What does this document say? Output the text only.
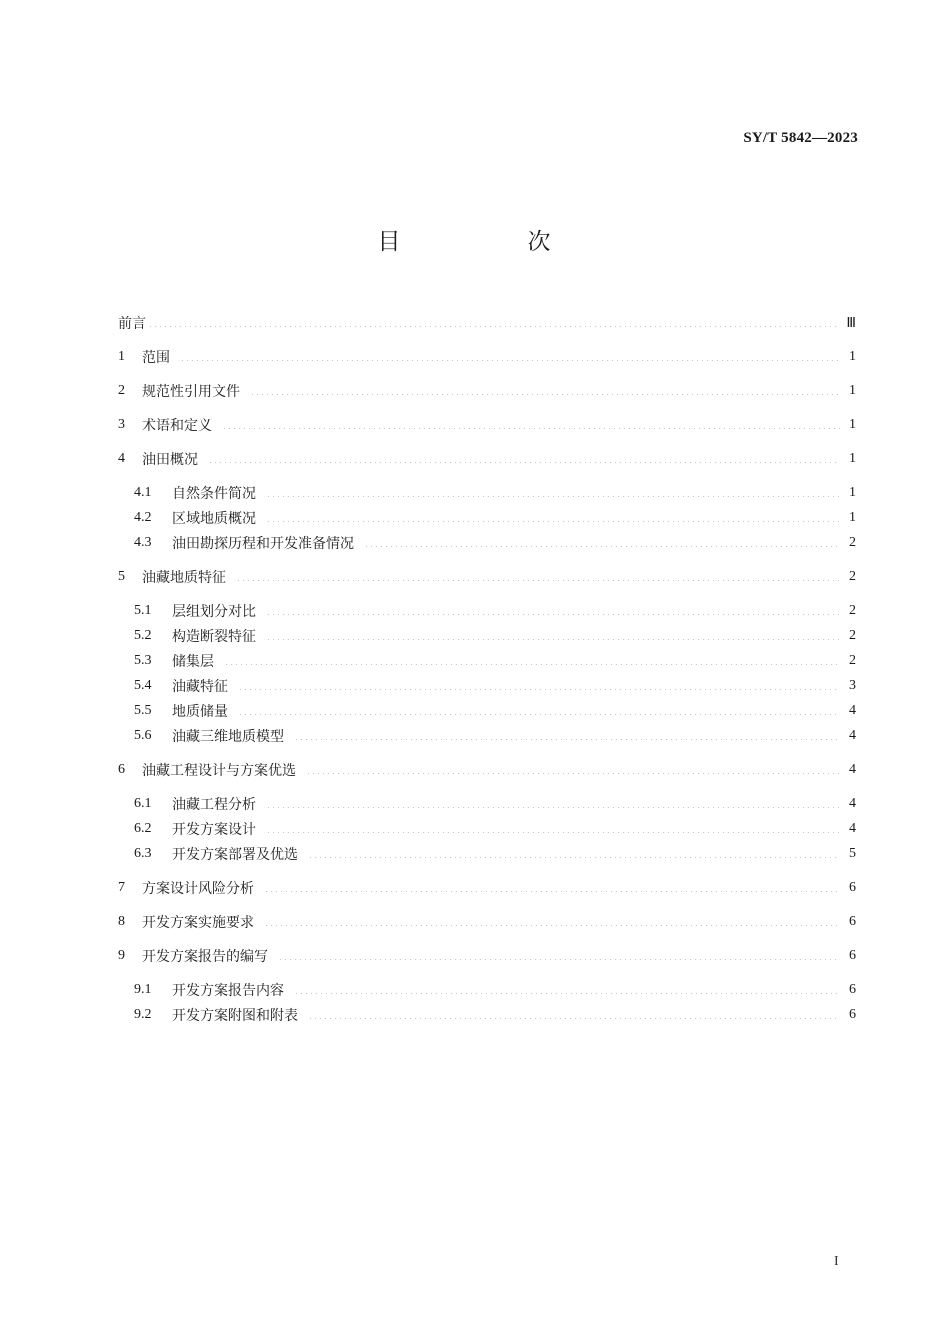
SY/T 5842—2023
目　次
前言	Ⅲ
1	范围	1
2	规范性引用文件	1
3	术语和定义	1
4	油田概况	1
4.1	自然条件简况	1
4.2	区域地质概况	1
4.3	油田勘探历程和开发准备情况	2
5	油藏地质特征	2
5.1	层组划分对比	2
5.2	构造断裂特征	2
5.3	储集层	2
5.4	油藏特征	3
5.5	地质储量	4
5.6	油藏三维地质模型	4
6	油藏工程设计与方案优选	4
6.1	油藏工程分析	4
6.2	开发方案设计	4
6.3	开发方案部署及优选	5
7	方案设计风险分析	6
8	开发方案实施要求	6
9	开发方案报告的编写	6
9.1	开发方案报告内容	6
9.2	开发方案附图和附表	6
I
